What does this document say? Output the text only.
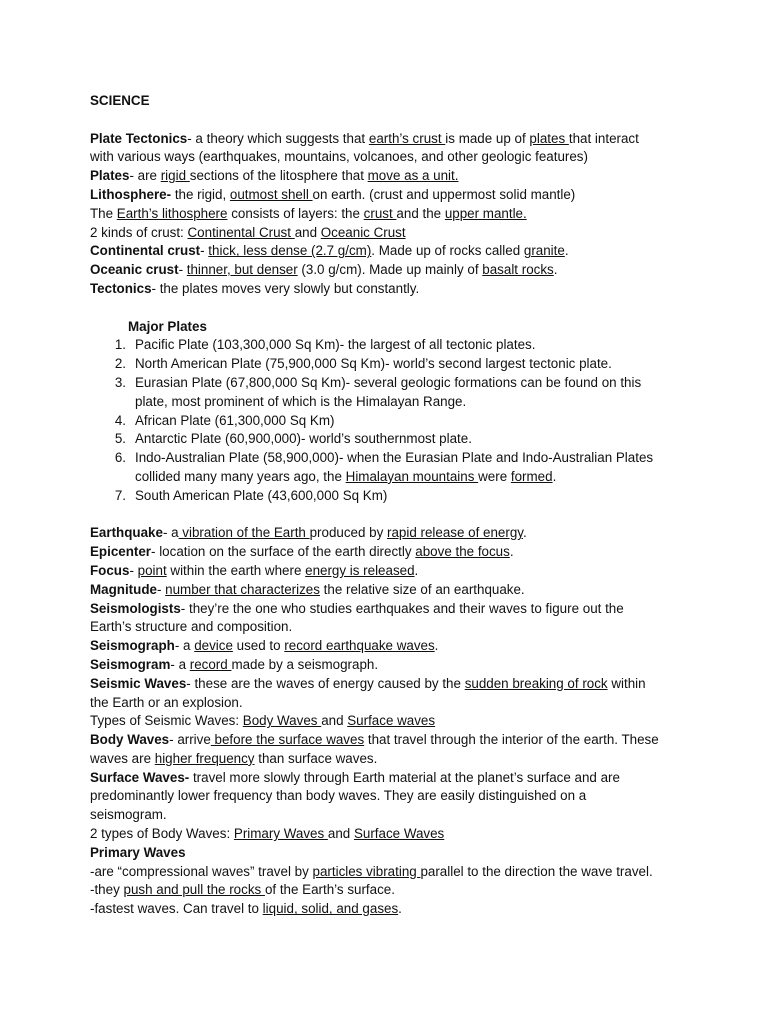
SCIENCE
Plate Tectonics- a theory which suggests that earth’s crust is made up of plates that interact
with various ways (earthquakes, mountains, volcanoes, and other geologic features)
Plates- are rigid sections of the litosphere that move as a unit.
Lithosphere- the rigid, outmost shell on earth. (crust and uppermost solid mantle)
The Earth’s lithosphere consists of layers: the crust and the upper mantle.
2 kinds of crust: Continental Crust and Oceanic Crust
Continental crust- thick, less dense (2.7 g/cm). Made up of rocks called granite.
Oceanic crust- thinner, but denser (3.0 g/cm). Made up mainly of basalt rocks.
Tectonics- the plates moves very slowly but constantly.
Major Plates
1. Pacific Plate (103,300,000 Sq Km)- the largest of all tectonic plates.
2. North American Plate (75,900,000 Sq Km)- world’s second largest tectonic plate.
3. Eurasian Plate (67,800,000 Sq Km)- several geologic formations can be found on this
plate, most prominent of which is the Himalayan Range.
4. African Plate (61,300,000 Sq Km)
5. Antarctic Plate (60,900,000)- world’s southernmost plate.
6. Indo-Australian Plate (58,900,000)- when the Eurasian Plate and Indo-Australian Plates
collided many many years ago, the Himalayan mountains were formed.
7. South American Plate (43,600,000 Sq Km)
Earthquake- a vibration of the Earth produced by rapid release of energy.
Epicenter- location on the surface of the earth directly above the focus.
Focus- point within the earth where energy is released.
Magnitude- number that characterizes the relative size of an earthquake.
Seismologists- they’re the one who studies earthquakes and their waves to figure out the
Earth’s structure and composition.
Seismograph- a device used to record earthquake waves.
Seismogram- a record made by a seismograph.
Seismic Waves- these are the waves of energy caused by the sudden breaking of rock within
the Earth or an explosion.
Types of Seismic Waves: Body Waves and Surface waves
Body Waves- arrive before the surface waves that travel through the interior of the earth. These
waves are higher frequency than surface waves.
Surface Waves- travel more slowly through Earth material at the planet’s surface and are
predominantly lower frequency than body waves. They are easily distinguished on a
seismogram.
2 types of Body Waves: Primary Waves and Surface Waves
Primary Waves
-are “compressional waves” travel by particles vibrating parallel to the direction the wave travel.
-they push and pull the rocks of the Earth’s surface.
-fastest waves. Can travel to liquid, solid, and gases.
